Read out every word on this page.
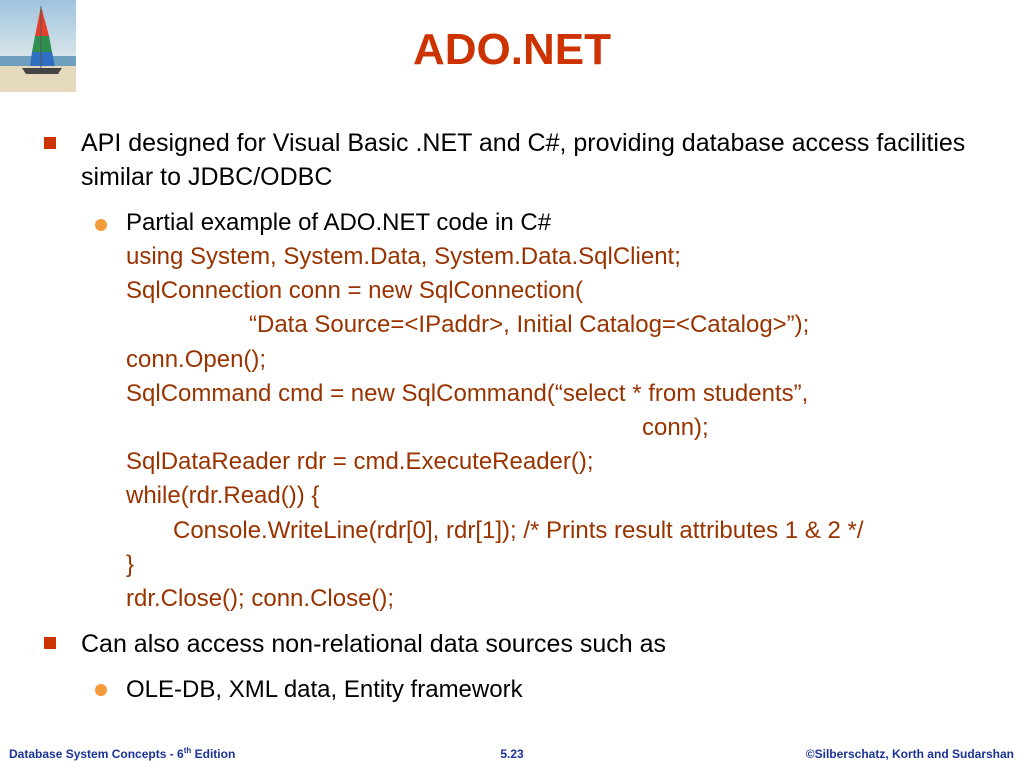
ADO.NET
API designed for Visual Basic .NET and C#, providing database access facilities similar to JDBC/ODBC
Partial example of ADO.NET code in C#
using System, System.Data, System.Data.SqlClient;
SqlConnection conn = new SqlConnection(
“Data Source=<IPaddr>, Initial Catalog=<Catalog>”);
conn.Open();
SqlCommand cmd = new SqlCommand(“select * from students”,
conn);
SqlDataReader rdr = cmd.ExecuteReader();
while(rdr.Read()) {
Console.WriteLine(rdr[0], rdr[1]); /* Prints result attributes 1 & 2 */
}
rdr.Close(); conn.Close();
Can also access non-relational data sources such as
OLE-DB, XML data, Entity framework
Database System Concepts - 6th Edition	5.23	©Silberschatz, Korth and Sudarshan
